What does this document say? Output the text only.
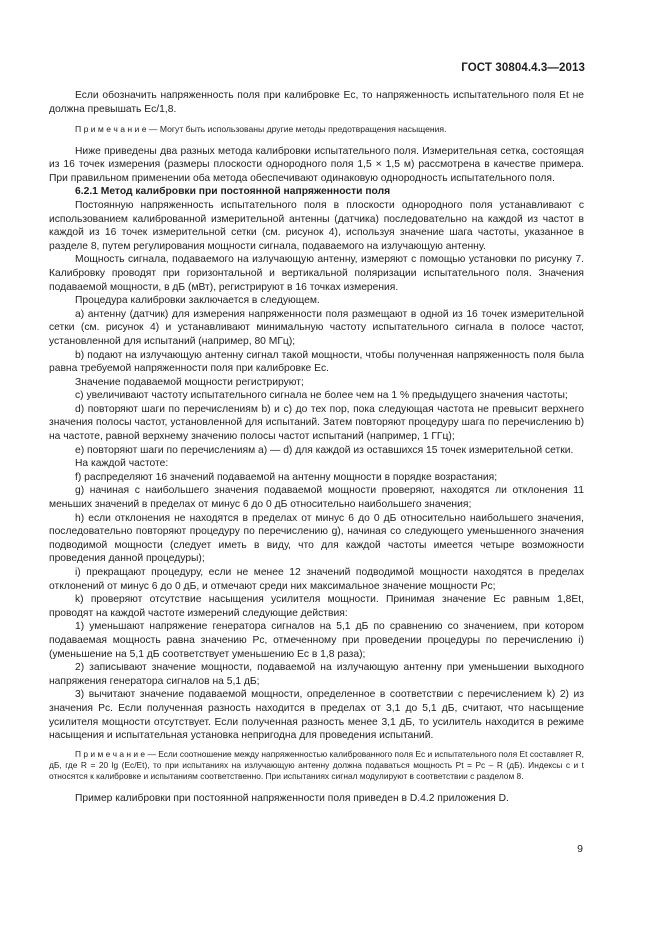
ГОСТ 30804.4.3—2013

Если обозначить напряженность поля при калибровке Eс, то напряженность испытательного поля Et не должна превышать Eс/1,8.

П р и м е ч а н и е — Могут быть использованы другие методы предотвращения насыщения.

Ниже приведены два разных метода калибровки испытательного поля. Измерительная сетка, состоящая из 16 точек измерения (размеры плоскости однородного поля 1,5 × 1,5 м) рассмотрена в качестве примера. При правильном применении оба метода обеспечивают одинаковую однородность испытательного поля.

6.2.1 Метод калибровки при постоянной напряженности поля

Постоянную напряженность испытательного поля в плоскости однородного поля устанавливают с использованием калиброванной измерительной антенны (датчика) последовательно на каждой из частот в каждой из 16 точек измерительной сетки (см. рисунок 4), используя значение шага частоты, указанное в разделе 8, путем регулирования мощности сигнала, подаваемого на излучающую антенну.

Мощность сигнала, подаваемого на излучающую антенну, измеряют с помощью установки по рисунку 7. Калибровку проводят при горизонтальной и вертикальной поляризации испытательного поля. Значения подаваемой мощности, в дБ (мВт), регистрируют в 16 точках измерения.

Процедура калибровки заключается в следующем.

a) антенну (датчик) для измерения напряженности поля размещают в одной из 16 точек измерительной сетки (см. рисунок 4) и устанавливают минимальную частоту испытательного сигнала в полосе частот, установленной для испытаний (например, 80 МГц);

b) подают на излучающую антенну сигнал такой мощности, чтобы полученная напряженность поля была равна требуемой напряженности поля при калибровке Eс.

Значение подаваемой мощности регистрируют;

c) увеличивают частоту испытательного сигнала не более чем на 1 % предыдущего значения частоты;

d) повторяют шаги по перечислениям b) и c) до тех пор, пока следующая частота не превысит верхнего значения полосы частот, установленной для испытаний. Затем повторяют процедуру шага по перечислению b) на частоте, равной верхнему значению полосы частот испытаний (например, 1 ГГц);

e) повторяют шаги по перечислениям a) — d) для каждой из оставшихся 15 точек измерительной сетки.

На каждой частоте:

f) распределяют 16 значений подаваемой на антенну мощности в порядке возрастания;

g) начиная с наибольшего значения подаваемой мощности проверяют, находятся ли отклонения 11 меньших значений в пределах от минус 6 до 0 дБ относительно наибольшего значения;

h) если отклонения не находятся в пределах от минус 6 до 0 дБ относительно наибольшего значения, последовательно повторяют процедуру по перечислению g), начиная со следующего уменьшенного значения подводимой мощности (следует иметь в виду, что для каждой частоты имеется четыре возможности проведения данной процедуры);

i) прекращают процедуру, если не менее 12 значений подводимой мощности находятся в пределах отклонений от минус 6 до 0 дБ, и отмечают среди них максимальное значение мощности Pс;

k) проверяют отсутствие насыщения усилителя мощности. Принимая значение Eс равным 1,8Et, проводят на каждой частоте измерений следующие действия:

1) уменьшают напряжение генератора сигналов на 5,1 дБ по сравнению со значением, при котором подаваемая мощность равна значению Pс, отмеченному при проведении процедуры по перечислению i) (уменьшение на 5,1 дБ соответствует уменьшению Eс в 1,8 раза);

2) записывают значение мощности, подаваемой на излучающую антенну при уменьшении выходного напряжения генератора сигналов на 5,1 дБ;

3) вычитают значение подаваемой мощности, определенное в соответствии с перечислением k) 2) из значения Pс. Если полученная разность находится в пределах от 3,1 до 5,1 дБ, считают, что насыщение усилителя мощности отсутствует. Если полученная разность менее 3,1 дБ, то усилитель находится в режиме насыщения и испытательная установка непригодна для проведения испытаний.

П р и м е ч а н и е — Если соотношение между напряженностью калиброванного поля Eс и испытательного поля Et составляет R, дБ, где R = 20 lg (Eс/Et), то при испытаниях на излучающую антенну должна подаваться мощность Pt = Pс – R (дБ). Индексы с и t относятся к калибровке и испытаниям соответственно. При испытаниях сигнал модулируют в соответствии с разделом 8.

Пример калибровки при постоянной напряженности поля приведен в D.4.2 приложения D.

9
